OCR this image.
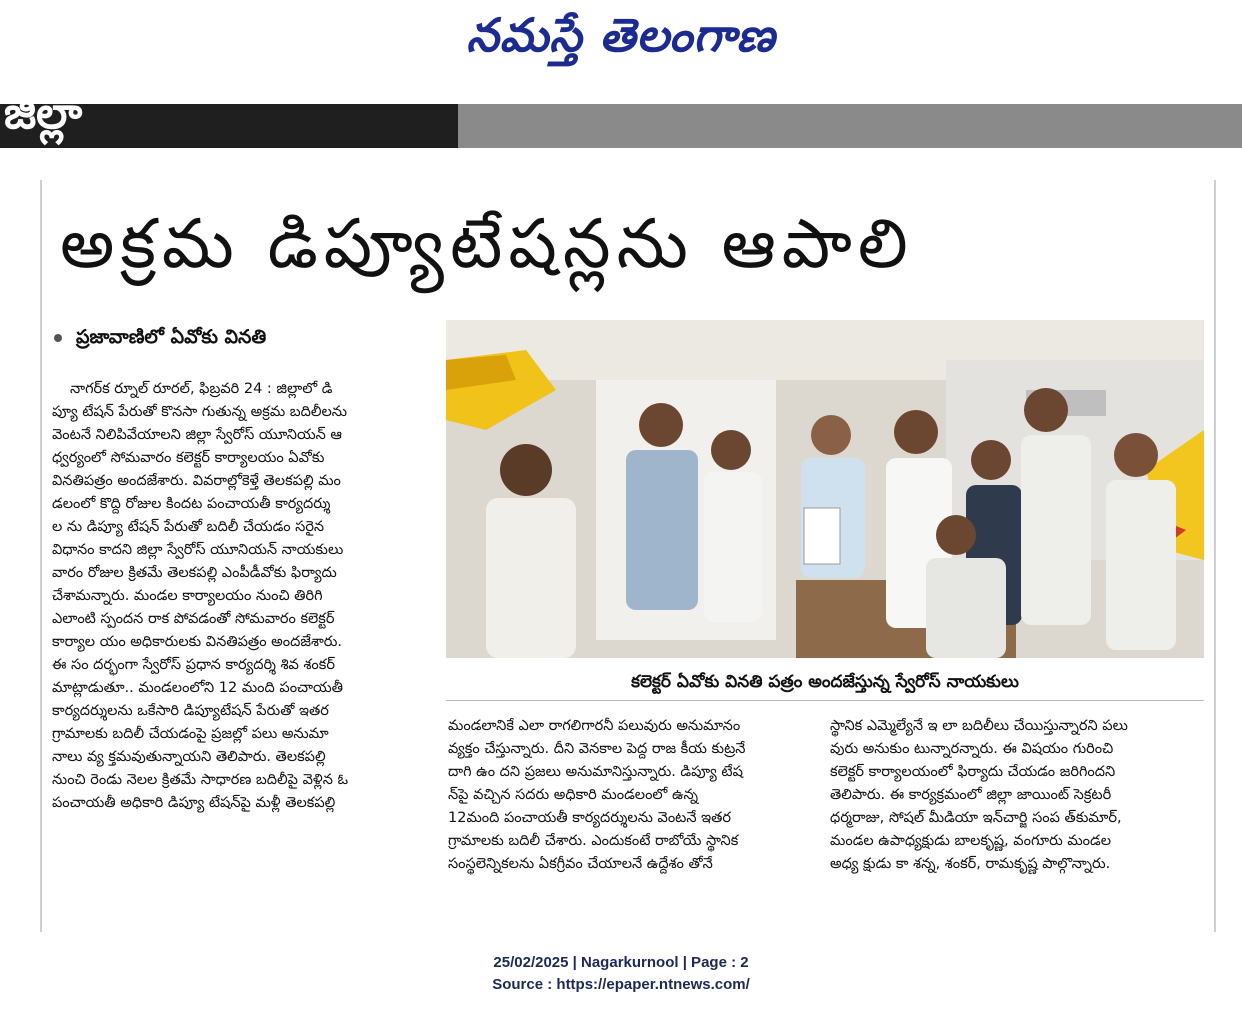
నమస్తే తెలంగాణ
జిల్లా
అక్రమ డిప్యూటేషన్లను ఆపాలి
ప్రజావాణిలో ఏవోకు వినతి

నాగర్‌క ర్నూల్ రూరల్, ఫిబ్రవరి 24 : జిల్లాలో డి

ప్యూ టేషన్ పేరుతో కొనసా గుతున్న అక్రమ బదిలీలను

వెంటనే నిలిపివేయాలని జిల్లా స్వేరోస్ యూనియన్ ఆ

ధ్వర్యంలో సోమవారం కలెక్టర్ కార్యాలయం ఏవోకు

వినతిపత్రం అందజేశారు. వివరాల్లోకెళ్తే తెలకపల్లి మం

డలంలో కొద్ది రోజుల కిందట పంచాయతీ కార్యదర్శు

ల ను డిప్యూ టేషన్ పేరుతో బదిలీ చేయడం సరైన

విధానం కాదని జిల్లా స్వేరోస్ యూనియన్ నాయకులు

వారం రోజుల క్రితమే తెలకపల్లి ఎంపీడీవోకు ఫిర్యాదు

చేశామన్నారు. మండల కార్యాలయం నుంచి తిరిగి

ఎలాంటి స్పందన రాక పోవడంతో సోమవారం కలెక్టర్

కార్యాల యం అధికారులకు వినతిపత్రం అందజేశారు.

ఈ సం దర్భంగా స్వేరోస్ ప్రధాన కార్యదర్శి శివ శంకర్

మాట్లాడుతూ.. మండలంలోని 12 మంది పంచాయతీ

కార్యదర్శులను ఒకేసారి డిప్యూటేషన్ పేరుతో ఇతర

గ్రామాలకు బదిలీ చేయడంపై ప్రజల్లో పలు అనుమా

నాలు వ్య క్తమవుతున్నాయని తెలిపారు. తెలకపల్లి

నుంచి రెండు నెలల క్రితమే సాధారణ బదిలీపై వెళ్లిన ఓ

పంచాయతీ అధికారి డిప్యూ టేషన్‌పై మళ్లీ తెలకపల్లి

కలెక్టర్ ఏవోకు వినతి పత్రం అందజేస్తున్న స్వేరోస్ నాయకులు

మండలానికే ఎలా రాగలిగారనీ పలువురు అనుమానం

వ్యక్తం చేస్తున్నారు. దీని వెనకాల పెద్ద రాజ కీయ కుట్రనే

దాగి ఉం దని ప్రజలు అనుమానిస్తున్నారు. డిప్యూ టేష

న్‌పై వచ్చిన సదరు అధికారి మండలంలో ఉన్న

12మంది పంచాయతీ కార్యదర్శులను వెంటనే ఇతర

గ్రామాలకు బదిలీ చేశారు. ఎందుకంటే రాబోయే స్థానిక

సంస్థలెన్నికలను ఏకగ్రీవం చేయాలనే ఉద్దేశం తోనే

స్థానిక ఎమ్మెల్యేనే ఇ లా బదిలీలు చేయిస్తున్నారని పలు

వురు అనుకుం టున్నారన్నారు. ఈ విషయం గురించి

కలెక్టర్ కార్యాలయంలో ఫిర్యాదు చేయడం జరిగిందని

తెలిపారు. ఈ కార్యక్రమంలో జిల్లా జాయింట్ సెక్రటరీ

ధర్మరాజు, సోషల్ మీడియా ఇన్‌చార్జి సంప త్‌కుమార్,

మండల ఉపాధ్యక్షుడు బాలకృష్ణ, వంగూరు మండల

అధ్య క్షుడు కా శన్న, శంకర్, రామకృష్ణ పాల్గొన్నారు.

25/02/2025 | Nagarkurnool | Page : 2
Source : https://epaper.ntnews.com/
